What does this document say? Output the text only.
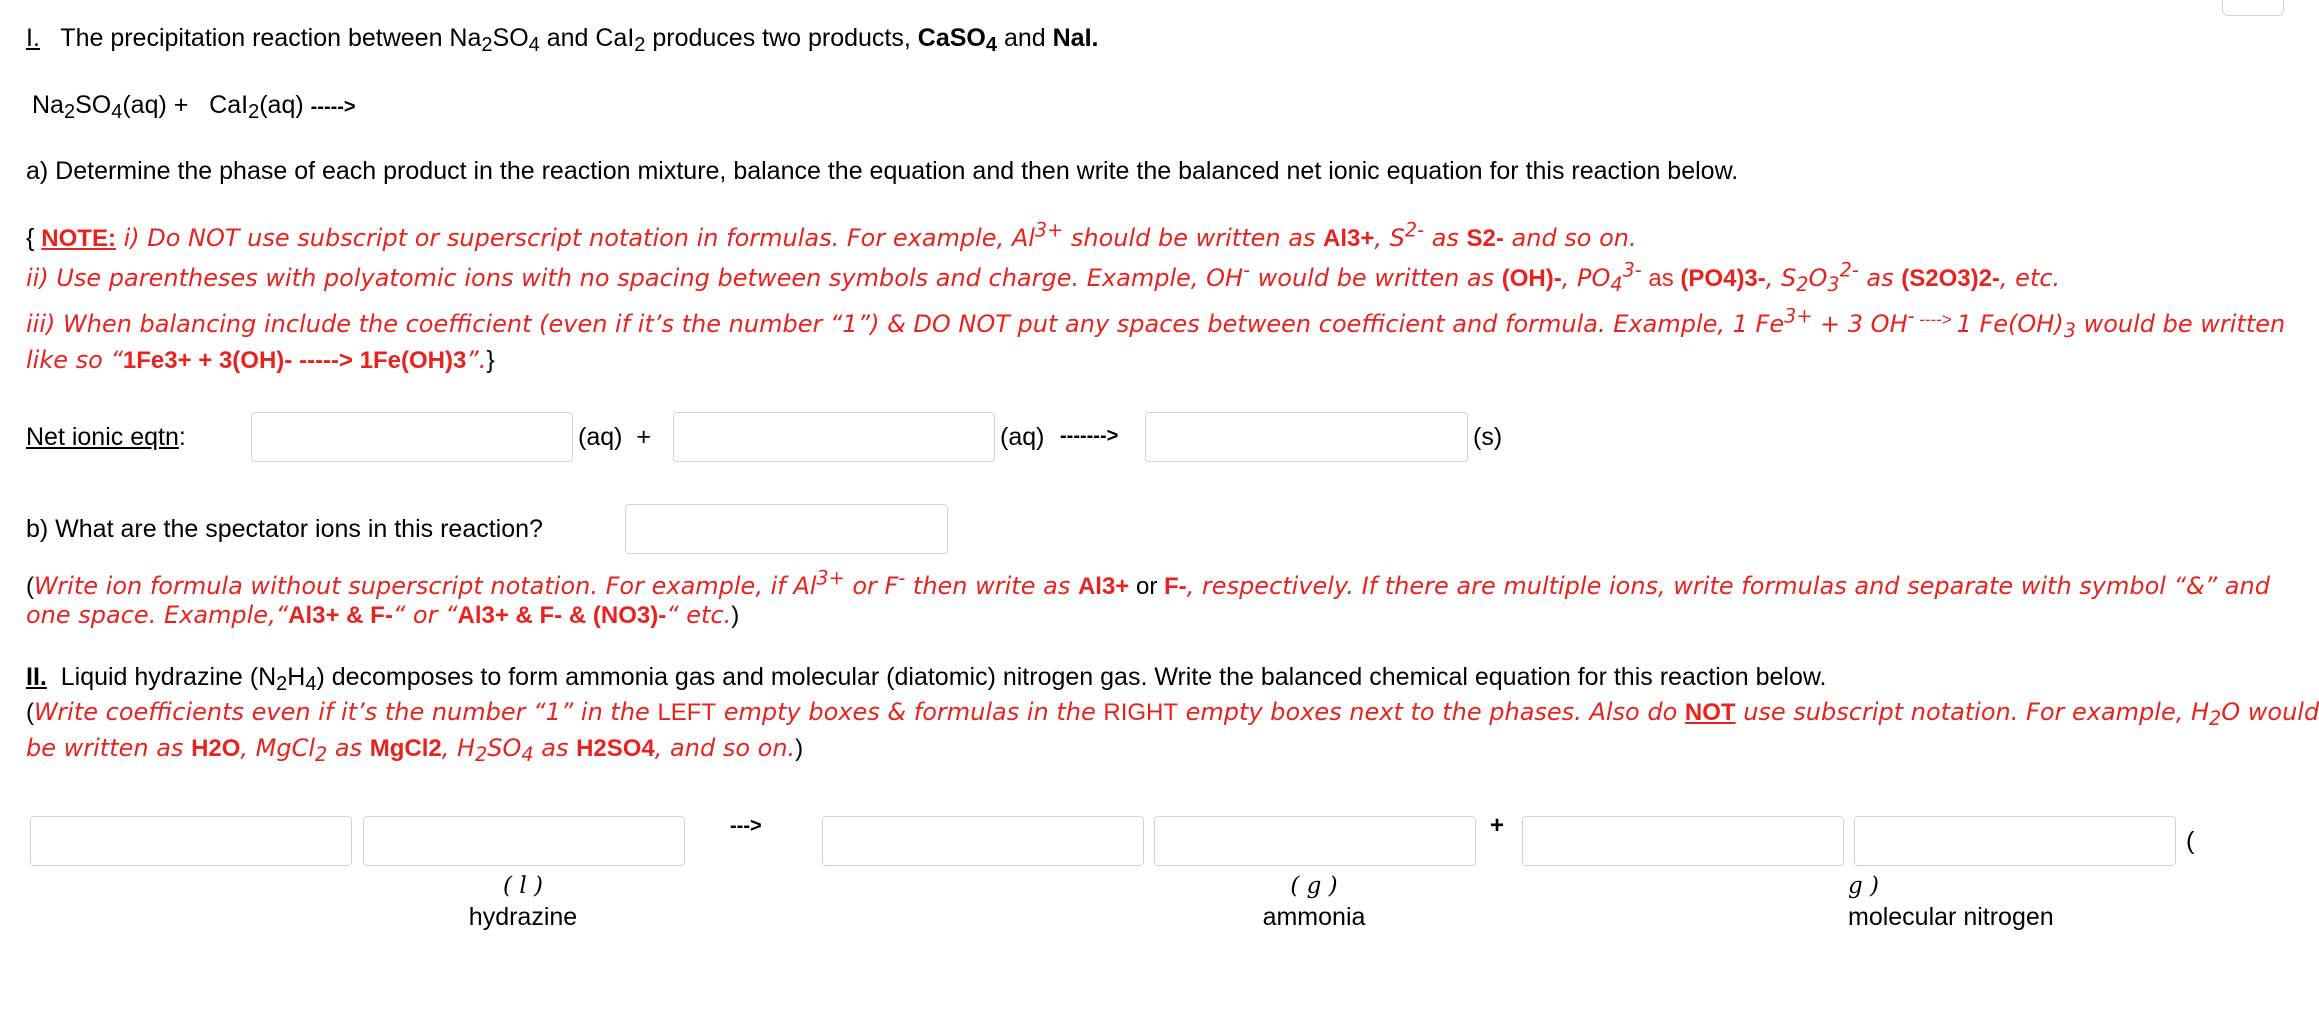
I. The precipitation reaction between $Na_2SO_4$ and CaI$_2$ produces two products, CaSO$_4$ and NaI.
$Na_2SO_4(aq) + CaI_2(aq)$ ----->
a) Determine the phase of each product in the reaction mixture, balance the equation and then write the balanced net ionic equation for this reaction below.
{ NOTE: i) Do NOT use subscript or superscript notation in formulas. For example, $Al^{3+}$ should be written as Al3+, $S^{2-}$ as S2- and so on.
ii) Use parentheses with polyatomic ions with no spacing between symbols and charge. Example, OH- would be written as (OH)-, $PO_4^{3-}$ as (PO4)3-, $S_2O_3^{2-}$ as (S2O3)2-, etc.
iii) When balancing include the coefficient (even if it’s the number “1”) & DO NOT put any spaces between coefficient and formula. Example, 1 $Fe^{3+} + 3$ OH- ----> 1 $Fe(OH)_3$ would be written
like so “1Fe3+ + 3(OH)- -----> 1Fe(OH)3”.}
Net ionic eqtn:	(aq)  +	(aq) ------->	(s)
b) What are the spectator ions in this reaction?
(Write ion formula without superscript notation. For example, if $Al^{3+}$ or F- then write as Al3+ or F-, respectively. If there are multiple ions, write formulas and separate with symbol “&” and
one space. Example,“Al3+ & F-“ or “Al3+ & F- & (NO3)-“ etc.)
II.  Liquid hydrazine $(N_2H_4)$ decomposes to form ammonia gas and molecular (diatomic) nitrogen gas. Write the balanced chemical equation for this reaction below.
(Write coefficients even if it’s the number “1” in the LEFT empty boxes & formulas in the RIGHT empty boxes next to the phases. Also do NOT use subscript notation. For example, $H_2O$ would
be written as H2O, MgCl$_2$ as MgCl2, $H_2SO_4$ as H2SO4, and so on.)
--->	+
(
( l )
hydrazine
( g )
ammonia
g )
molecular nitrogen
